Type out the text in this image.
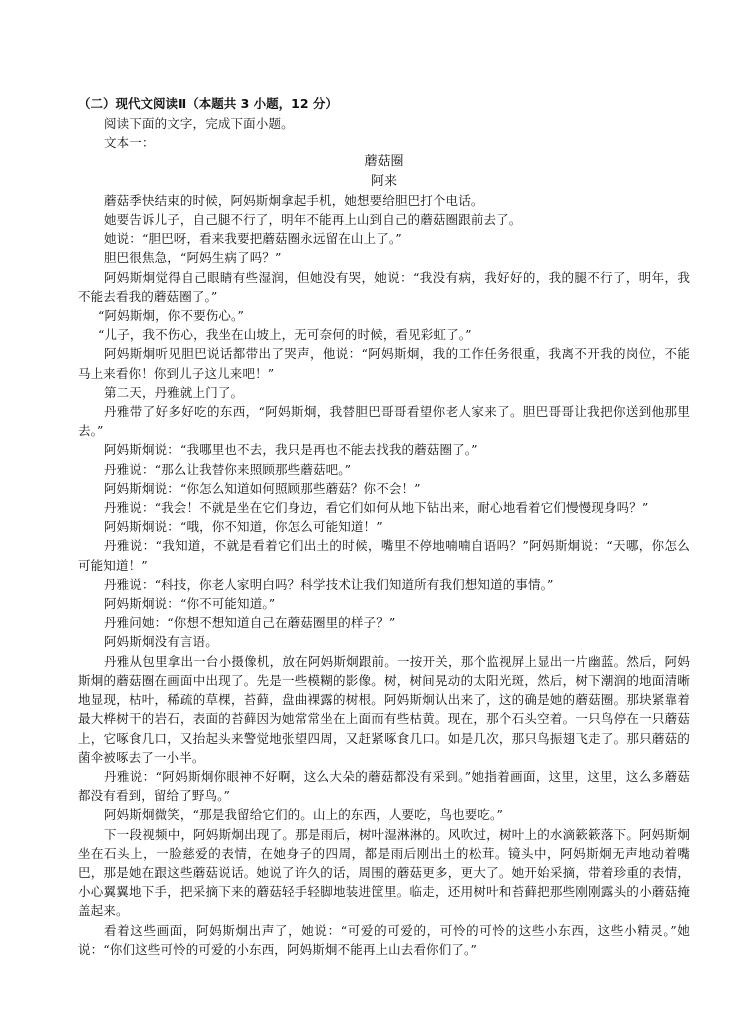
（二）现代文阅读Ⅱ（本题共 3 小题，12 分）
阅读下面的文字，完成下面小题。
文本一：
蘑菇圈
阿来

蘑菇季快结束的时候，阿妈斯炯拿起手机，她想要给胆巴打个电话。

她要告诉儿子，自己腿不行了，明年不能再上山到自己的蘑菇圈跟前去了。

她说：“胆巴呀，看来我要把蘑菇圈永远留在山上了。”

胆巴很焦急，“阿妈生病了吗？”

阿妈斯炯觉得自己眼睛有些湿润，但她没有哭，她说：“我没有病，我好好的，我的腿不行了，明年，我不能去看我的蘑菇圈了。”

“阿妈斯炯，你不要伤心。”

“儿子，我不伤心，我坐在山坡上，无可奈何的时候，看见彩虹了。”

阿妈斯炯听见胆巴说话都带出了哭声，他说：“阿妈斯炯，我的工作任务很重，我离不开我的岗位，不能马上来看你！你到儿子这儿来吧！”

第二天，丹雅就上门了。

丹雅带了好多好吃的东西，“阿妈斯炯，我替胆巴哥哥看望你老人家来了。胆巴哥哥让我把你送到他那里去。”

阿妈斯炯说：“我哪里也不去，我只是再也不能去找我的蘑菇圈了。”

丹雅说：“那么让我替你来照顾那些蘑菇吧。”

阿妈斯炯说：“你怎么知道如何照顾那些蘑菇？你不会！”

丹雅说：“我会！不就是坐在它们身边，看它们如何从地下钻出来，耐心地看着它们慢慢现身吗？”

阿妈斯炯说：“哦，你不知道，你怎么可能知道！”

丹雅说：“我知道，不就是看着它们出土的时候，嘴里不停地喃喃自语吗？”阿妈斯炯说：“天哪，你怎么可能知道！”

丹雅说：“科技，你老人家明白吗？科学技术让我们知道所有我们想知道的事情。”

阿妈斯炯说：“你不可能知道。”

丹雅问她：“你想不想知道自己在蘑菇圈里的样子？”

阿妈斯炯没有言语。

丹雅从包里拿出一台小摄像机，放在阿妈斯炯跟前。一按开关，那个监视屏上显出一片幽蓝。然后，阿妈斯炯的蘑菇圈在画面中出现了。先是一些模糊的影像。树，树间晃动的太阳光斑，然后，树下潮润的地面清晰地显现，枯叶，稀疏的草棵，苔藓，盘曲裸露的树根。阿妈斯炯认出来了，这的确是她的蘑菇圈。那块紧靠着最大桦树干的岩石，表面的苔藓因为她常常坐在上面而有些枯黄。现在，那个石头空着。一只鸟停在一只蘑菇上，它啄食几口，又抬起头来警觉地张望四周，又赶紧啄食几口。如是几次，那只鸟振翅飞走了。那只蘑菇的菌伞被啄去了一小半。

丹雅说：“阿妈斯炯你眼神不好啊，这么大朵的蘑菇都没有采到。”她指着画面，这里，这里，这么多蘑菇都没有看到，留给了野鸟。”

阿妈斯炯微笑，“那是我留给它们的。山上的东西，人要吃，鸟也要吃。”

下一段视频中，阿妈斯炯出现了。那是雨后，树叶湿淋淋的。风吹过，树叶上的水滴簌簌落下。阿妈斯炯坐在石头上，一脸慈爱的表情，在她身子的四周，都是雨后刚出土的松茸。镜头中，阿妈斯炯无声地动着嘴巴，那是她在跟这些蘑菇说话。她说了许久的话，周围的蘑菇更多，更大了。她开始采摘，带着珍重的表情，小心翼翼地下手，把采摘下来的蘑菇轻手轻脚地装进筐里。临走，还用树叶和苔藓把那些刚刚露头的小蘑菇掩盖起来。

看着这些画面，阿妈斯炯出声了，她说：“可爱的可爱的，可怜的可怜的这些小东西，这些小精灵。”她说：“你们这些可怜的可爱的小东西，阿妈斯炯不能再上山去看你们了。”
